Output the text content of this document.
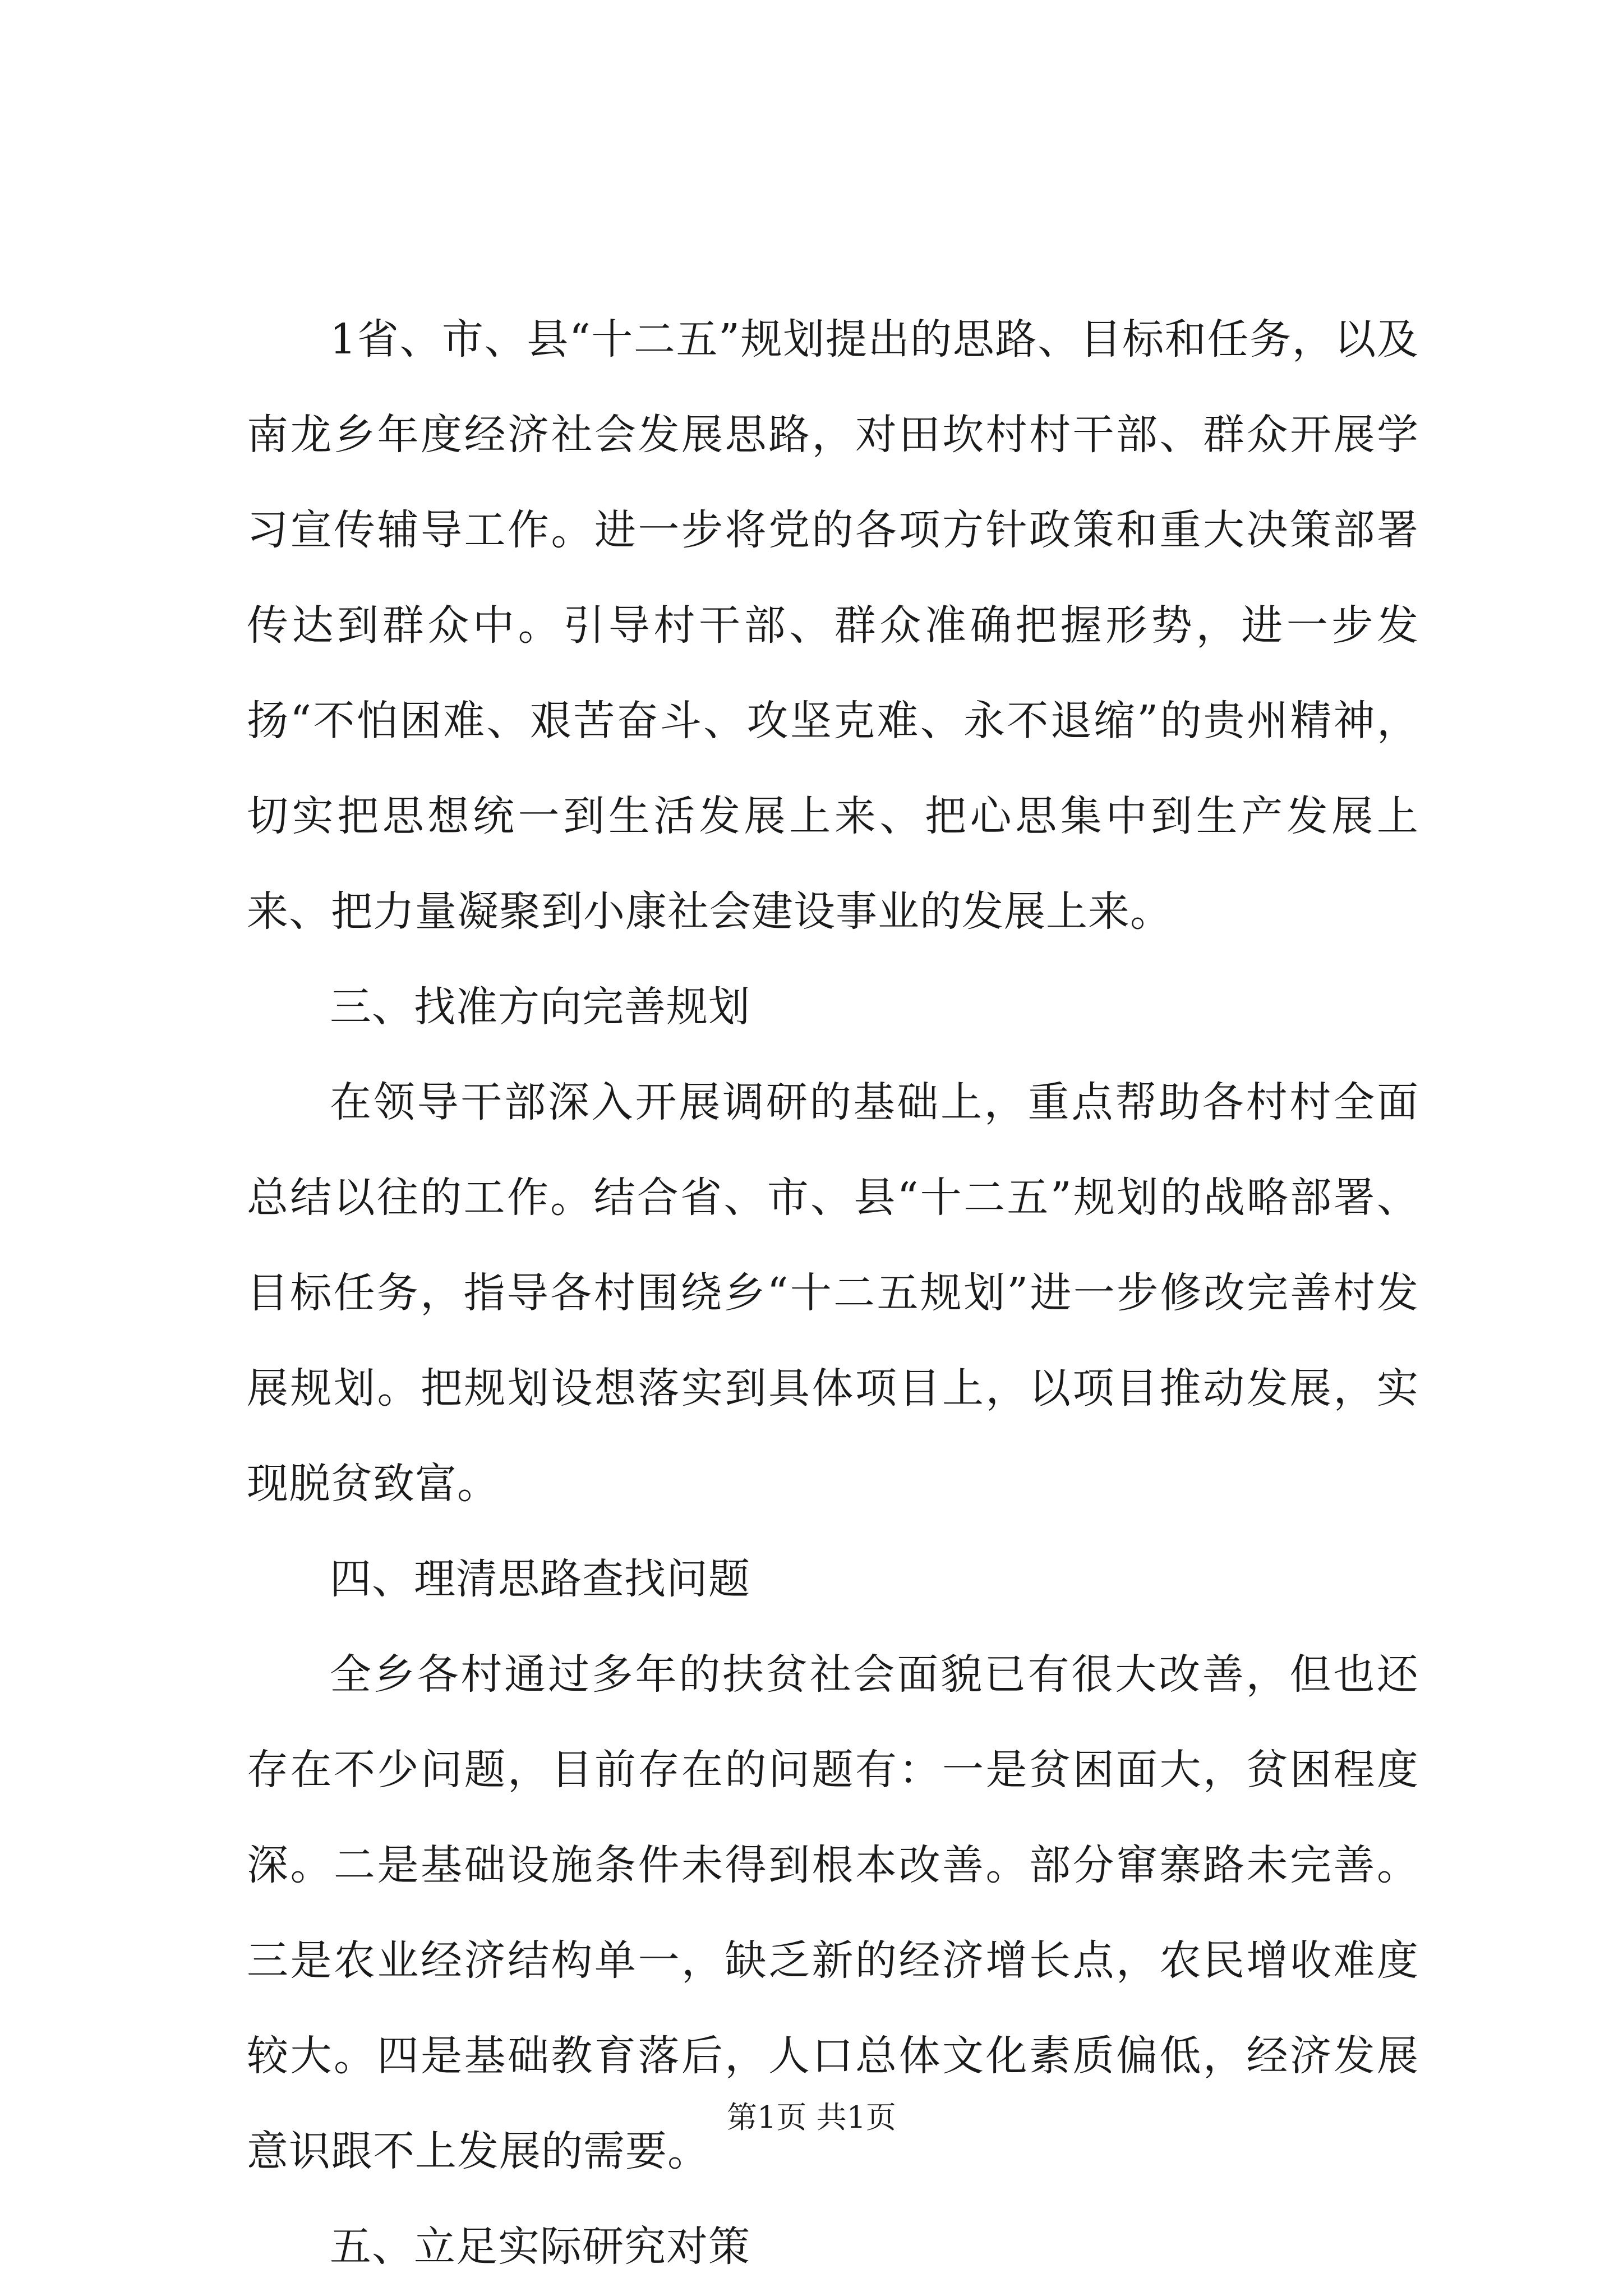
1省、市、县“十二五”规划提出的思路、目标和任务，以及南龙乡年度经济社会发展思路，对田坎村村干部、群众开展学习宣传辅导工作。进一步将党的各项方针政策和重大决策部署传达到群众中。引导村干部、群众准确把握形势，进一步发扬“不怕困难、艰苦奋斗、攻坚克难、永不退缩”的贵州精神，切实把思想统一到生活发展上来、把心思集中到生产发展上来、把力量凝聚到小康社会建设事业的发展上来。

三、找准方向完善规划

在领导干部深入开展调研的基础上，重点帮助各村村全面总结以往的工作。结合省、市、县“十二五”规划的战略部署、目标任务，指导各村围绕乡“十二五规划”进一步修改完善村发展规划。把规划设想落实到具体项目上，以项目推动发展，实现脱贫致富。

四、理清思路查找问题

全乡各村通过多年的扶贫社会面貌已有很大改善，但也还存在不少问题，目前存在的问题有：一是贫困面大，贫困程度深。二是基础设施条件未得到根本改善。部分窜寨路未完善。三是农业经济结构单一，缺乏新的经济增长点，农民增收难度较大。四是基础教育落后，人口总体文化素质偏低，经济发展意识跟不上发展的需要。

五、立足实际研究对策

第1页 共1页
